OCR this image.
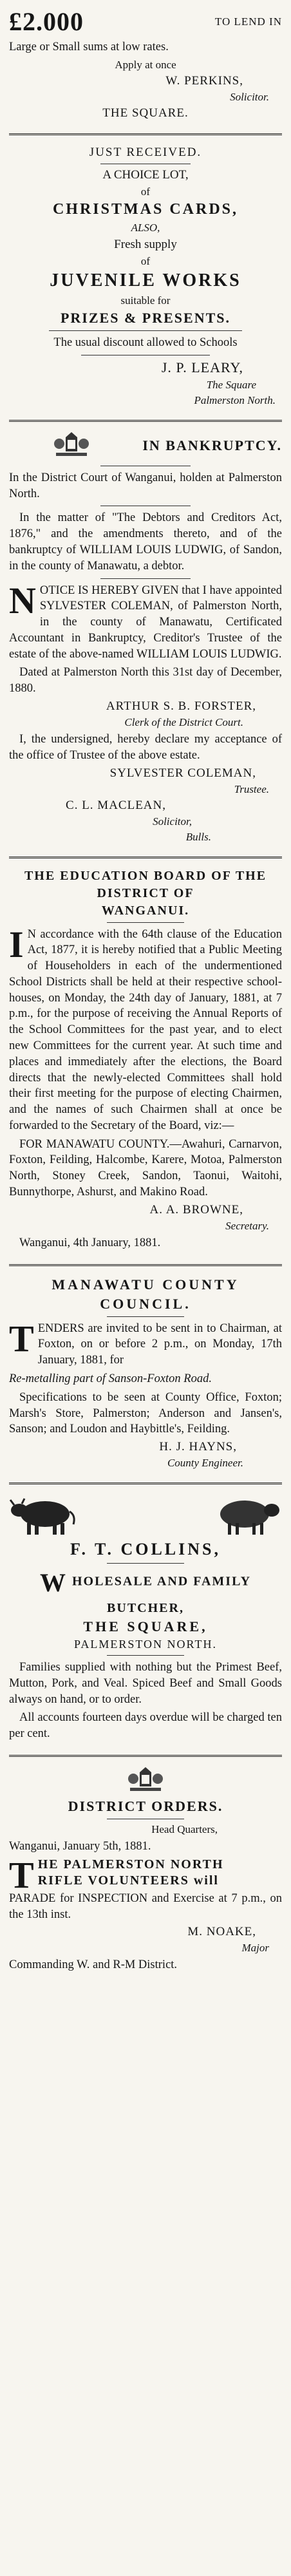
£2.000	TO LEND IN

Large or Small sums at low rates.

Apply at once

W. PERKINS,

Solicitor.

THE SQUARE.

JUST RECEIVED.

A CHOICE LOT,

of

CHRISTMAS CARDS,

ALSO,

Fresh supply

of

JUVENILE WORKS

suitable for

PRIZES & PRESENTS.

The usual discount allowed to Schools

J. P. LEARY,

The Square

Palmerston North.

IN BANKRUPTCY.

In the District Court of Wanganui, holden at Palmerston North.

In the matter of "The Debtors and Creditors Act, 1876," and the amendments thereto, and of the bankruptcy of WILLIAM LOUIS LUDWIG, of Sandon, in the county of Manawatu, a debtor.

N OTICE IS HEREBY GIVEN that I have appointed SYLVESTER COLEMAN, of Palmerston North, in the county of Manawatu, Certificated Accountant in Bankruptcy, Creditor's Trustee of the estate of the above-named WILLIAM LOUIS LUDWIG.

Dated at Palmerston North this 31st day of December, 1880.

ARTHUR S. B. FORSTER,

Clerk of the District Court.

I, the undersigned, hereby declare my acceptance of the office of Trustee of the above estate.

SYLVESTER COLEMAN,

Trustee.

C. L. MACLEAN,

Solicitor,

Bulls.

THE EDUCATION BOARD OF THE

DISTRICT OF

WANGANUI.

I N accordance with the 64th clause of the Education Act, 1877, it is hereby notified that a Public Meeting of Householders in each of the undermentioned School Districts shall be held at their respective school-houses, on Monday, the 24th day of January, 1881, at 7 p.m., for the purpose of receiving the Annual Reports of the School Committees for the past year, and to elect new Committees for the current year. At such time and places and immediately after the elections, the Board directs that the newly-elected Committees shall hold their first meeting for the purpose of electing Chairmen, and the names of such Chairmen shall at once be forwarded to the Secretary of the Board, viz:—

FOR MANAWATU COUNTY.—Awahuri, Carnarvon, Foxton, Feilding, Halcombe, Karere, Motoa, Palmerston North, Stoney Creek, Sandon, Taonui, Waitohi, Bunnythorpe, Ashurst, and Makino Road.

A. A. BROWNE,

Secretary.

Wanganui, 4th January, 1881.

MANAWATU COUNTY

COUNCIL.

T ENDERS are invited to be sent in to Chairman, at Foxton, on or before 2 p.m., on Monday, 17th January, 1881, for

Re-metalling part of Sanson-Foxton Road.

Specifications to be seen at County Office, Foxton; Marsh's Store, Palmerston; Anderson and Jansen's, Sanson; and Loudon and Haybittle's, Feilding.

H. J. HAYNS,

County Engineer.

F. T. COLLINS,

W HOLESALE AND FAMILY

BUTCHER,

THE SQUARE,

PALMERSTON NORTH.

Families supplied with nothing but the Primest Beef, Mutton, Pork, and Veal. Spiced Beef and Small Goods always on hand, or to order.

All accounts fourteen days overdue will be charged ten per cent.

DISTRICT ORDERS.

Head Quarters,

Wanganui, January 5th, 1881.

T HE PALMERSTON NORTH

RIFLE VOLUNTEERS will

PARADE for INSPECTION and Exercise at 7 p.m., on the 13th inst.

M. NOAKE,

Major

Commanding W. and R-M District.
